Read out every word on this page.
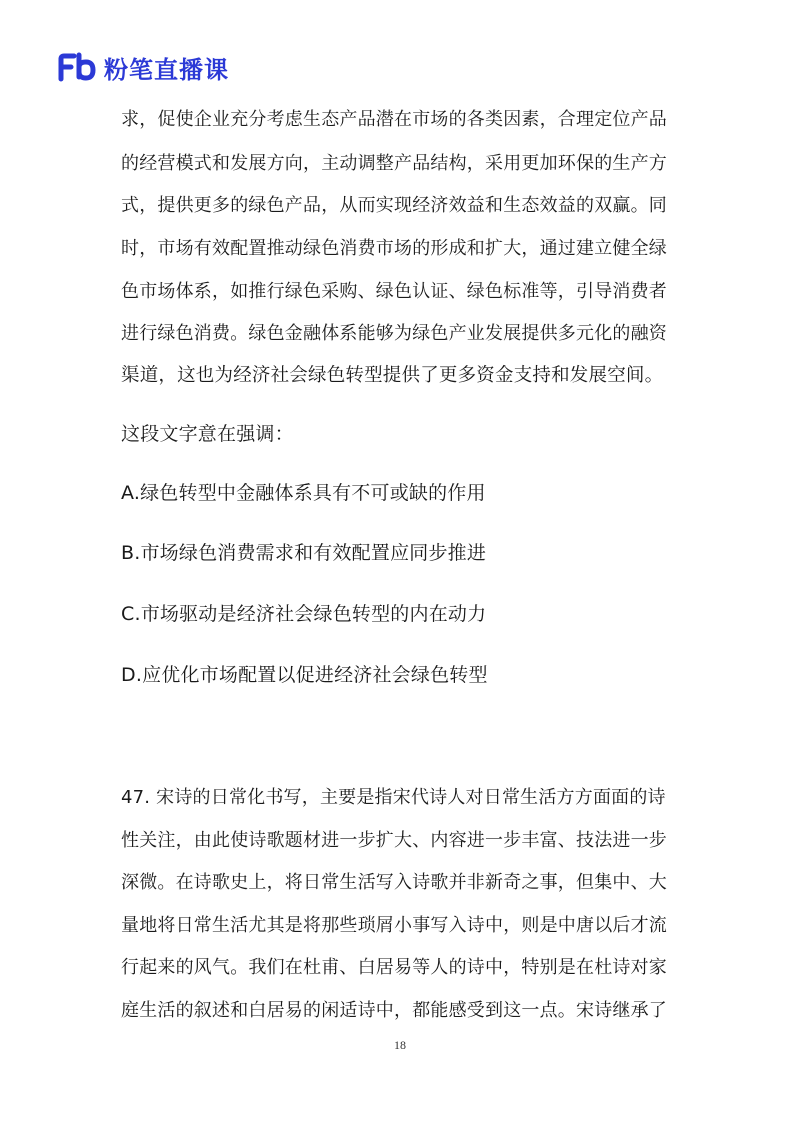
粉笔直播课
求，促使企业充分考虑生态产品潜在市场的各类因素，合理定位产品
的经营模式和发展方向，主动调整产品结构，采用更加环保的生产方
式，提供更多的绿色产品，从而实现经济效益和生态效益的双赢。同
时，市场有效配置推动绿色消费市场的形成和扩大，通过建立健全绿
色市场体系，如推行绿色采购、绿色认证、绿色标准等，引导消费者
进行绿色消费。绿色金融体系能够为绿色产业发展提供多元化的融资
渠道，这也为经济社会绿色转型提供了更多资金支持和发展空间。
这段文字意在强调：
A.绿色转型中金融体系具有不可或缺的作用
B.市场绿色消费需求和有效配置应同步推进
C.市场驱动是经济社会绿色转型的内在动力
D.应优化市场配置以促进经济社会绿色转型
47. 宋诗的日常化书写，主要是指宋代诗人对日常生活方方面面的诗
性关注，由此使诗歌题材进一步扩大、内容进一步丰富、技法进一步
深微。在诗歌史上，将日常生活写入诗歌并非新奇之事，但集中、大
量地将日常生活尤其是将那些琐屑小事写入诗中，则是中唐以后才流
行起来的风气。我们在杜甫、白居易等人的诗中，特别是在杜诗对家
庭生活的叙述和白居易的闲适诗中，都能感受到这一点。宋诗继承了
18
